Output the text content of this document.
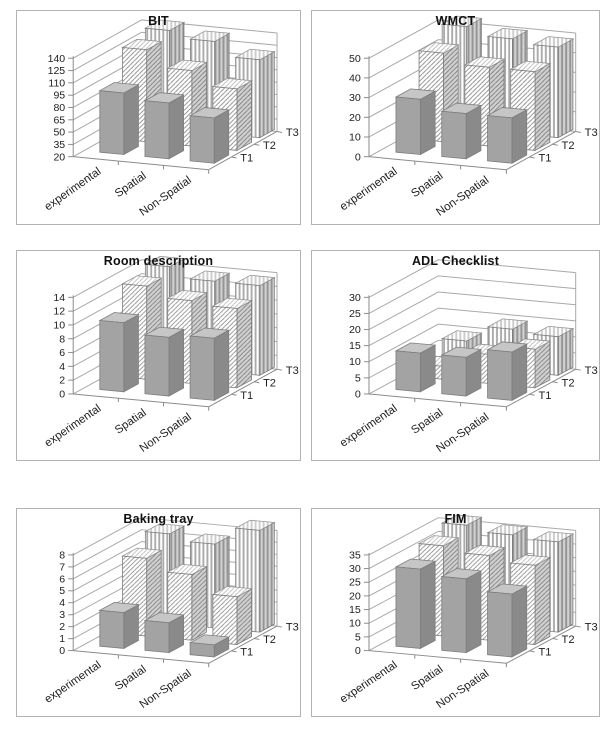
BIT
20
35
50
65
80
95
110
125
140
T1
T2
T3
experimental Spatial
Non-Spatial
WMCT
0
10
20
30
40
50
T1
T2
T3
experimental Spatial
Non-Spatial
Room description
0
2
4
6
8
10
12
14
T1
T2
T3
experimental Spatial
Non-Spatial
ADL Checklist
0
5
10
15
20
25
30
T1
T2
T3
experimental Spatial
Non-Spatial
Baking tray
0
1
2
3
4
5
6
7
8
T1
T2
T3
experimental Spatial
Non-Spatial
FIM
0
5
10
15
20
25
30
35
T1
T2
T3
experimental Spatial
Non-Spatial
